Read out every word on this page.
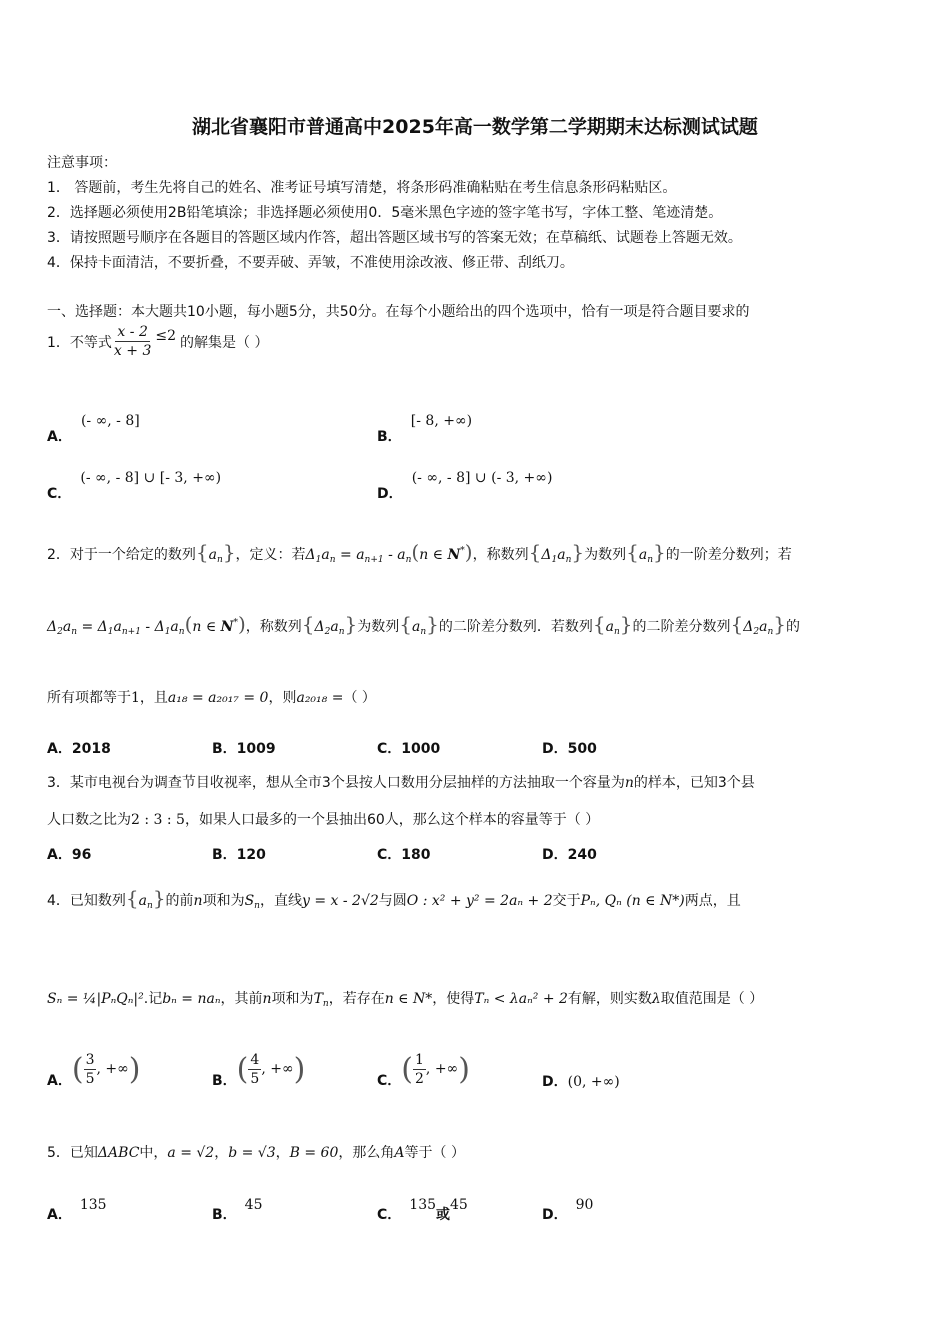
湖北省襄阳市普通高中2025年高一数学第二学期期末达标测试试题
注意事项：
1． 答题前，考生先将自己的姓名、准考证号填写清楚，将条形码准确粘贴在考生信息条形码粘贴区。
2．选择题必须使用2B铅笔填涂；非选择题必须使用0．5毫米黑色字迹的签字笔书写，字体工整、笔迹清楚。
3．请按照题号顺序在各题目的答题区域内作答，超出答题区域书写的答案无效；在草稿纸、试题卷上答题无效。
4．保持卡面清洁，不要折叠，不要弄破、弄皱，不准使用涂改液、修正带、刮纸刀。
一、选择题：本大题共10小题，每小题5分，共50分。在每个小题给出的四个选项中，恰有一项是符合题目要求的
1． 不等式 $\frac{x - 2}{x + 3} \le 2$ 的解集是（ ）
A． (- ∞, - 8]
B． [- 8, +∞)
C． (- ∞, - 8] ∪ [- 3, +∞)
D． (- ∞, - 8] ∪ (- 3, +∞)
2．对于一个给定的数列$\{a_n\}$，定义：若$\Delta_1a_n = a_{n+1} - a_n(n$ ∈ N*)，称数列$\{\Delta_1a_n\}$为数列$\{a_n\}$的一阶差分数列；若
$\Delta_2a_n = \Delta_1a_{n+1} - \Delta_1a_n(n$ ∈ N*)，称数列$\{\Delta_2a_n\}$为数列$\{a_n\}$的二阶差分数列．若数列$\{a_n\}$的二阶差分数列$\{\Delta_2a_n\}$的
所有项都等于1，且a₁₈ = a₂₀₁₇ = 0，则a₂₀₁₈ =（ ）
A．2018	B．1009	C．1000	D．500
3．某市电视台为调查节目收视率，想从全市3个县按人口数用分层抽样的方法抽取一个容量为n的样本，已知3个县
人口数之比为2 : 3 : 5，如果人口最多的一个县抽出60人，那么这个样本的容量等于（ ）
A．96	B．120	C．180	D．240
4．已知数列$\{a_n\}$的前n项和为$S_n$，直线y = x - 2√2与圆O : x² + y² = 2aₙ + 2交于Pₙ, Qₙ (n ∈ N*)两点，且
Sₙ = ¼|PₙQₙ|².记bₙ = naₙ，其前n项和为$T_n$，若存在n ∈ N*，使得Tₙ < λaₙ² + 2有解，则实数λ取值范围是（ ）
A． ( $\frac{3}{5}$ , +∞ )	B． ( $\frac{4}{5}$ , +∞ )	C． ( $\frac{1}{2}$ , +∞ )	D．(0, +∞)
5．已知ΔABC中，a = √2，b = √3，B = 60，那么角A等于（ ）
A．135
B．45
C．135或45
D．90
